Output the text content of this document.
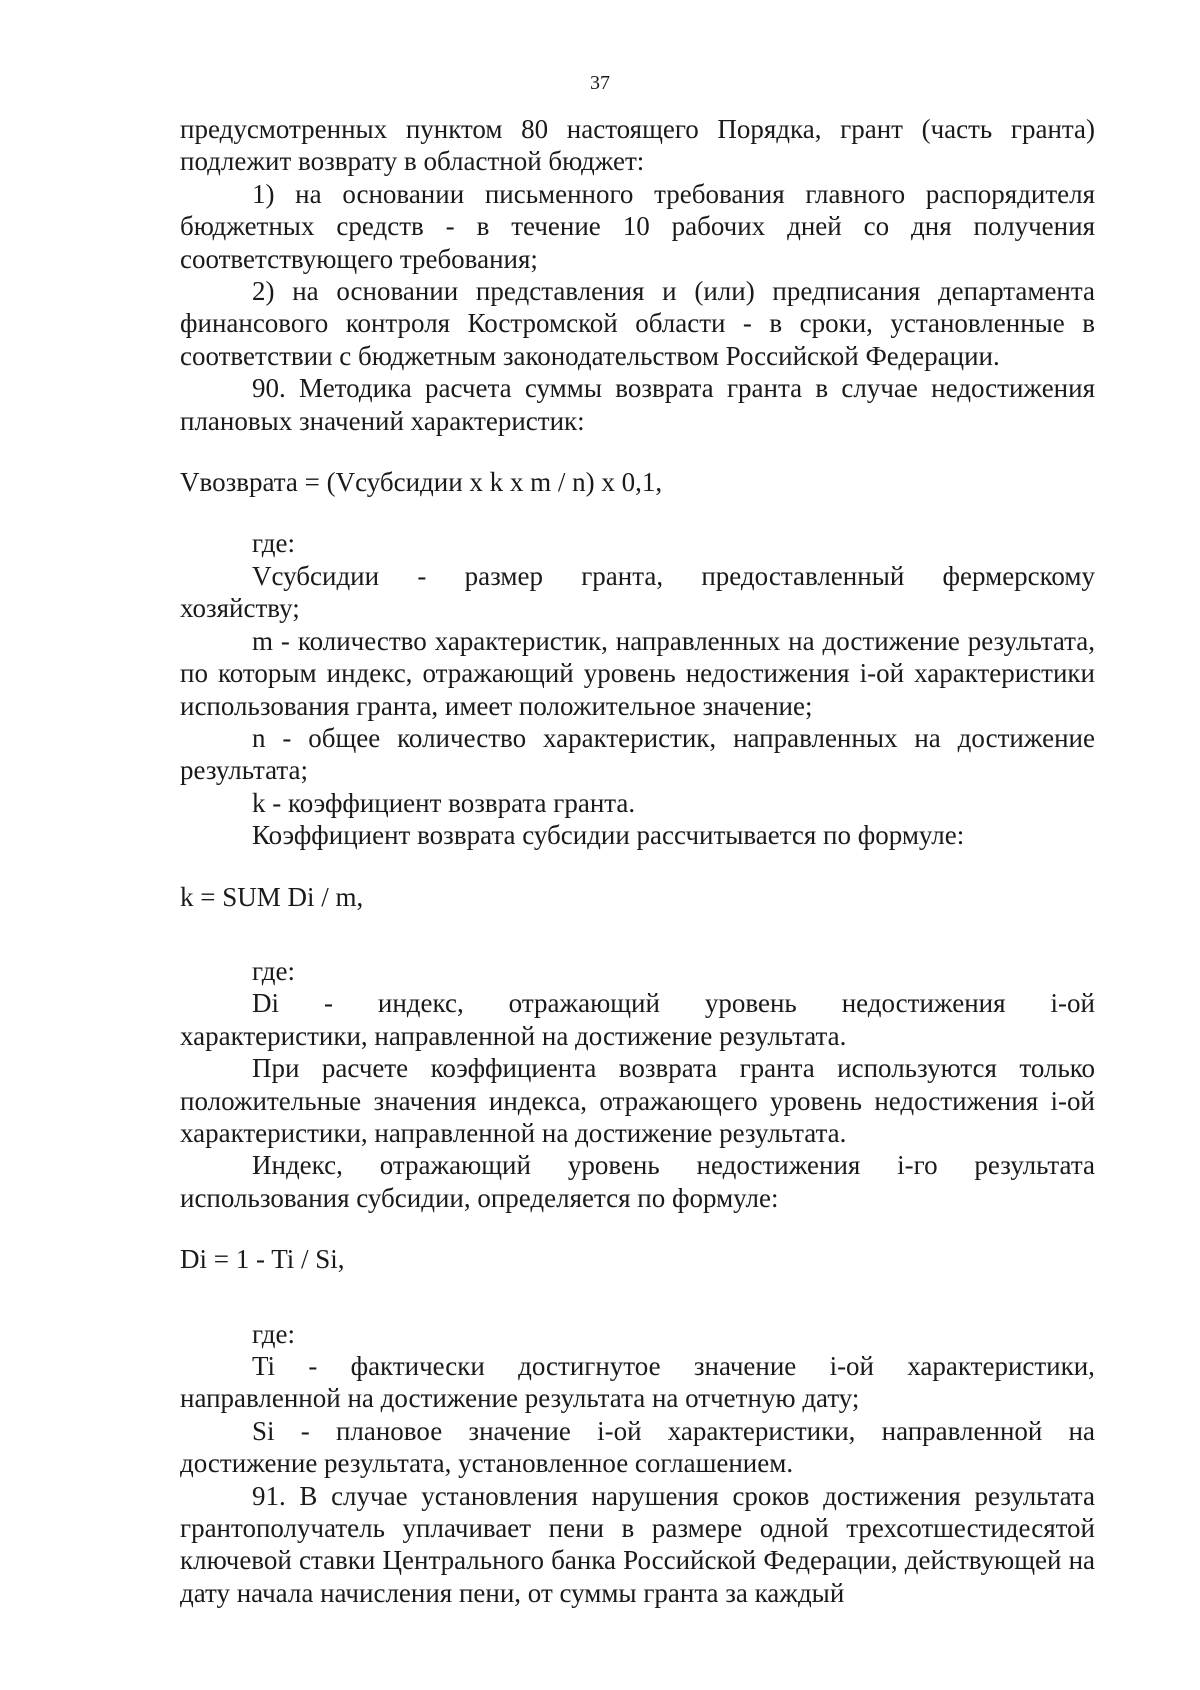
37

предусмотренных пунктом 80 настоящего Порядка, грант (часть гранта) подлежит возврату в областной бюджет:

1) на основании письменного требования главного распорядителя бюджетных средств - в течение 10 рабочих дней со дня получения соответствующего требования;

2) на основании представления и (или) предписания департамента финансового контроля Костромской области - в сроки, установленные в соответствии с бюджетным законодательством Российской Федерации.

90. Методика расчета суммы возврата гранта в случае недостижения плановых значений характеристик:

Vвозврата = (Vсубсидии x k x m / n) x 0,1,

где:

Vсубсидии - размер гранта, предоставленный фермерскому

хозяйству;

m - количество характеристик, направленных на достижение результата, по которым индекс, отражающий уровень недостижения i-ой характеристики использования гранта, имеет положительное значение;

n - общее количество характеристик, направленных на достижение результата;

k - коэффициент возврата гранта.

Коэффициент возврата субсидии рассчитывается по формуле:

k = SUM Di / m,

где:

Di - индекс, отражающий уровень недостижения i-ой

характеристики, направленной на достижение результата.

При расчете коэффициента возврата гранта используются только положительные значения индекса, отражающего уровень недостижения i-ой характеристики, направленной на достижение результата.

Индекс, отражающий уровень недостижения i-го результата

использования субсидии, определяется по формуле:

Di = 1 - Ti / Si,

где:

Ti - фактически достигнутое значение i-ой характеристики,

направленной на достижение результата на отчетную дату;

Si - плановое значение i-ой характеристики, направленной на достижение результата, установленное соглашением.

91. В случае установления нарушения сроков достижения результата грантополучатель уплачивает пени в размере одной трехсотшестидесятой ключевой ставки Центрального банка Российской Федерации, действующей на дату начала начисления пени, от суммы гранта за каждый
